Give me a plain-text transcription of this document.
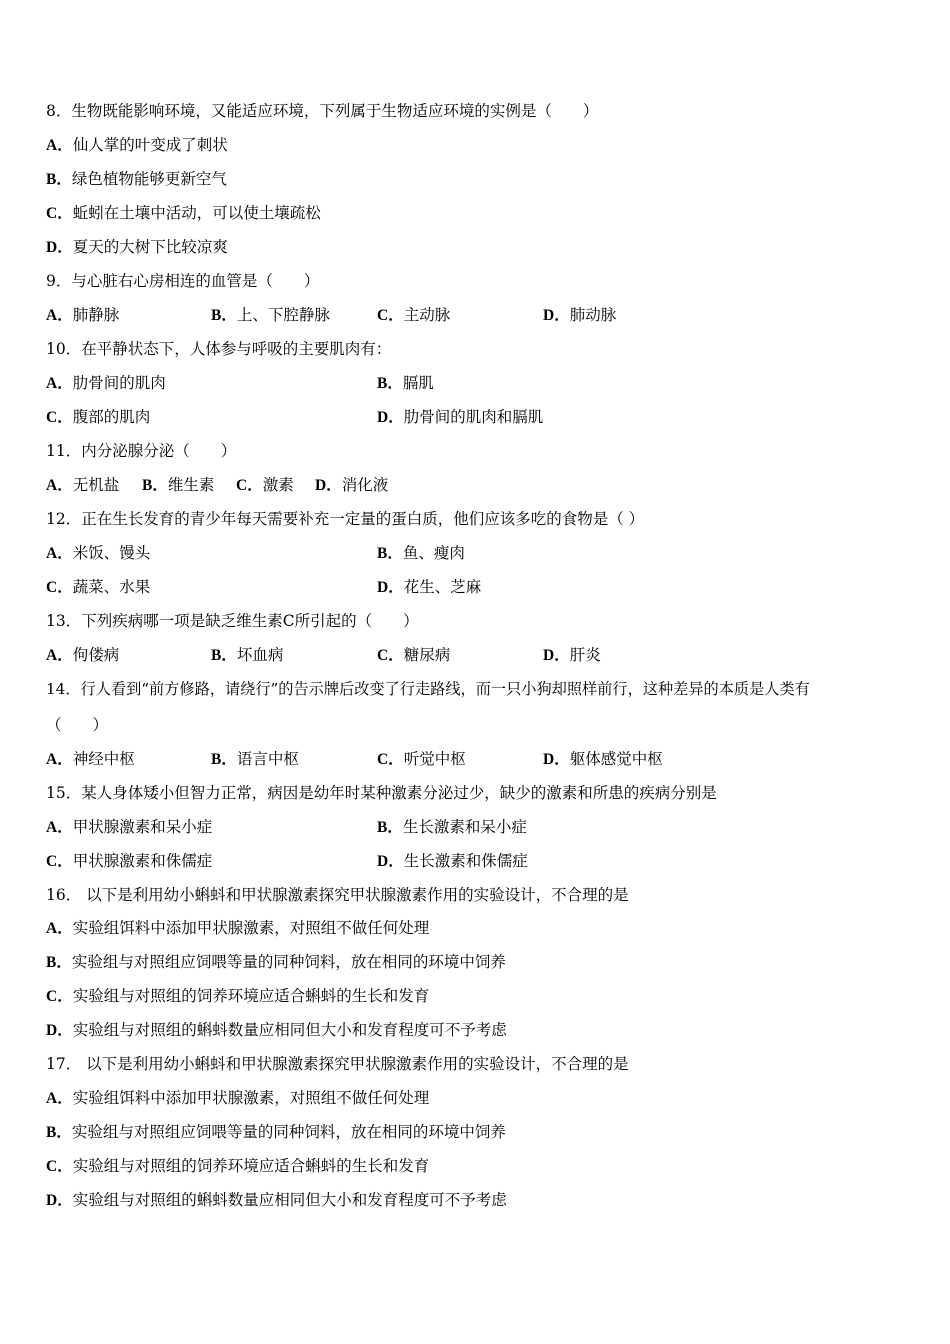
8．生物既能影响环境，又能适应环境，下列属于生物适应环境的实例是（　　）
A．仙人掌的叶变成了刺状
B．绿色植物能够更新空气
C．蚯蚓在土壤中活动，可以使土壤疏松
D．夏天的大树下比较凉爽
9．与心脏右心房相连的血管是（　　）
A．肺静脉	B．上、下腔静脉	C．主动脉	D．肺动脉
10．在平静状态下，人体参与呼吸的主要肌肉有：
A．肋骨间的肌肉	B．膈肌
C．腹部的肌肉	D．肋骨间的肌肉和膈肌
11．内分泌腺分泌（　　）
A．无机盐 B．维生素 C．激素 D．消化液
12．正在生长发育的青少年每天需要补充一定量的蛋白质，他们应该多吃的食物是（ ）
A．米饭、馒头	B．鱼、瘦肉
C．蔬菜、水果	D．花生、芝麻
13．下列疾病哪一项是缺乏维生素C所引起的（　　）
A．佝偻病	B．坏血病	C．糖尿病	D．肝炎
14．行人看到“前方修路，请绕行”的告示牌后改变了行走路线，而一只小狗却照样前行，这种差异的本质是人类有
（　　）
A．神经中枢	B．语言中枢	C．听觉中枢	D．躯体感觉中枢
15．某人身体矮小但智力正常，病因是幼年时某种激素分泌过少，缺少的激素和所患的疾病分别是
A．甲状腺激素和呆小症	B．生长激素和呆小症
C．甲状腺激素和侏儒症	D．生长激素和侏儒症
16． 以下是利用幼小蝌蚪和甲状腺激素探究甲状腺激素作用的实验设计，不合理的是
A．实验组饵料中添加甲状腺激素，对照组不做任何处理
B．实验组与对照组应饲喂等量的同种饲料，放在相同的环境中饲养
C．实验组与对照组的饲养环境应适合蝌蚪的生长和发育
D．实验组与对照组的蝌蚪数量应相同但大小和发育程度可不予考虑
17． 以下是利用幼小蝌蚪和甲状腺激素探究甲状腺激素作用的实验设计，不合理的是
A．实验组饵料中添加甲状腺激素，对照组不做任何处理
B．实验组与对照组应饲喂等量的同种饲料，放在相同的环境中饲养
C．实验组与对照组的饲养环境应适合蝌蚪的生长和发育
D．实验组与对照组的蝌蚪数量应相同但大小和发育程度可不予考虑
